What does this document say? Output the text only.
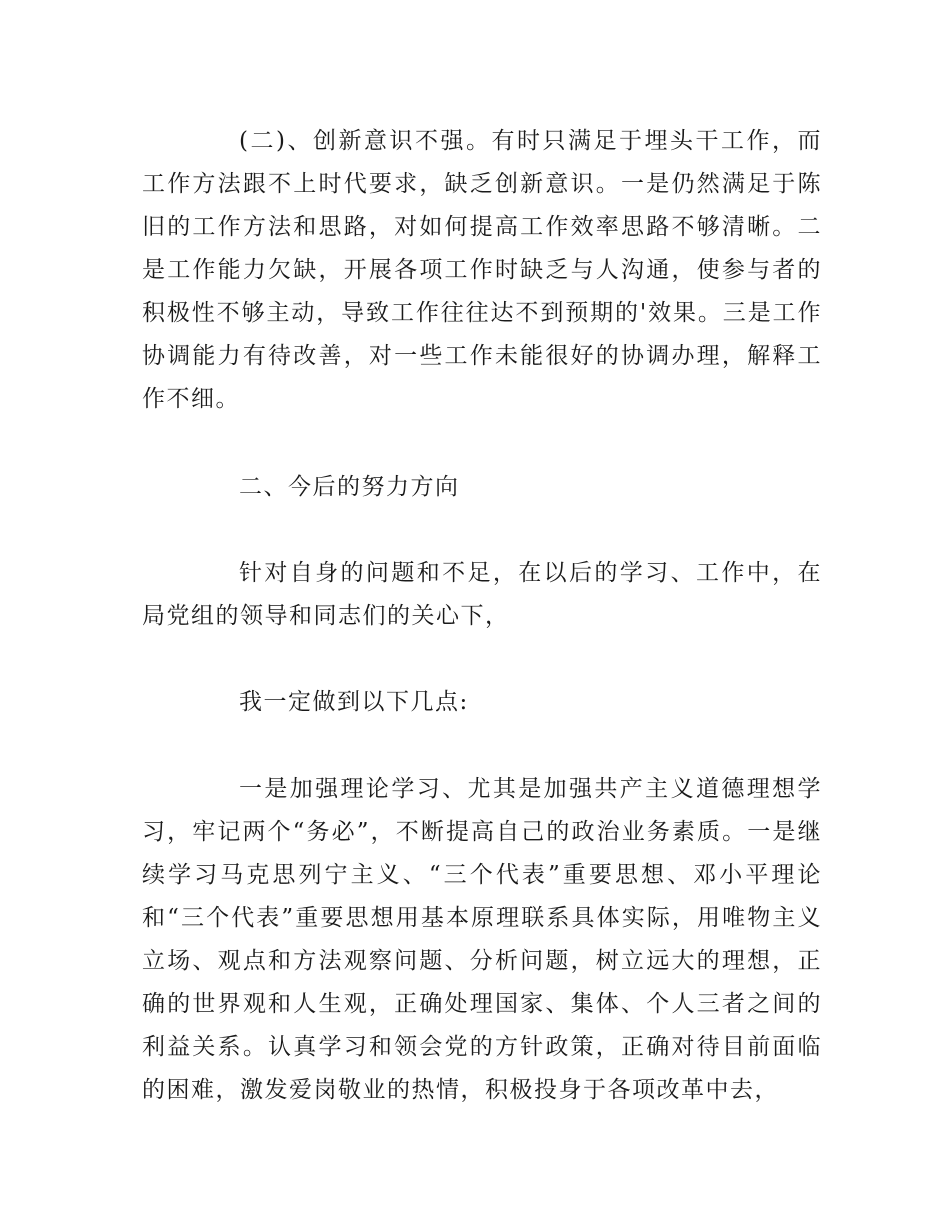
(二)、创新意识不强。有时只满足于埋头干工作，而工作方法跟不上时代要求，缺乏创新意识。一是仍然满足于陈旧的工作方法和思路，对如何提高工作效率思路不够清晰。二是工作能力欠缺，开展各项工作时缺乏与人沟通，使参与者的积极性不够主动，导致工作往往达不到预期的'效果。三是工作协调能力有待改善，对一些工作未能很好的协调办理，解释工作不细。

二、今后的努力方向

针对自身的问题和不足，在以后的学习、工作中，在局党组的领导和同志们的关心下，

我一定做到以下几点:

一是加强理论学习、尤其是加强共产主义道德理想学习，牢记两个“务必”，不断提高自己的政治业务素质。一是继续学习马克思列宁主义、“三个代表”重要思想、邓小平理论和“三个代表”重要思想用基本原理联系具体实际，用唯物主义立场、观点和方法观察问题、分析问题，树立远大的理想，正确的世界观和人生观，正确处理国家、集体、个人三者之间的利益关系。认真学习和领会党的方针政策，正确对待目前面临的困难，激发爱岗敬业的热情，积极投身于各项改革中去，
